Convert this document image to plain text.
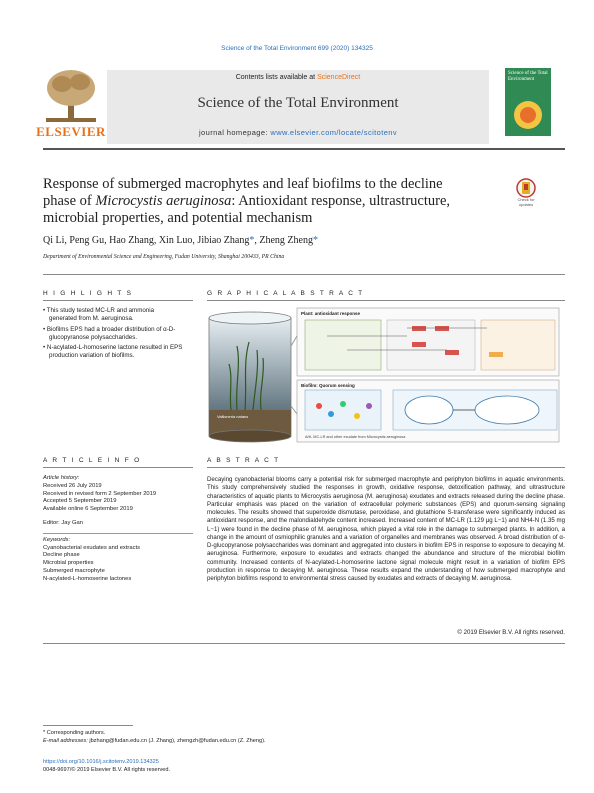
Science of the Total Environment 699 (2020) 134325
ELSEVIER
Contents lists available at ScienceDirect
Science of the Total Environment
journal homepage: www.elsevier.com/locate/scitotenv
Science of the Total Environment
Response of submerged macrophytes and leaf biofilms to the decline phase of Microcystis aeruginosa: Antioxidant response, ultrastructure, microbial properties, and potential mechanism
Check for updates
Qi Li, Peng Gu, Hao Zhang, Xin Luo, Jibiao Zhang*, Zheng Zheng*
Department of Environmental Science and Engineering, Fudan University, Shanghai 200433, PR China
H I G H L I G H T S

• This study tested MC-LR and ammonia generated from M. aeruginosa.

• Biofilms EPS had a broader distribution of α-D-glucopyranose polysaccharides.

• N-acylated-L-homoserine lactone resulted in EPS production variation of biofilms.

G R A P H I C A L A B S T R A C T
Vallisneria natans
Plant: antioxidant response
Biofilm: Quorum sensing
AHL MC-LR and other exudate from Microcystis aeruginosa
A R T I C L E I N F O

Article history:

Received 26 July 2019

Received in revised form 2 September 2019

Accepted 5 September 2019

Available online 6 September 2019

Editor: Jay Gan

Keywords:

Cyanobacterial exudates and extracts

Decline phase

Microbial properties

Submerged macrophyte

N-acylated-L-homoserine lactones

A B S T R A C T
Decaying cyanobacterial blooms carry a potential risk for submerged macrophyte and periphyton biofilms in aquatic environments. This study comprehensively studied the responses in growth, oxidative response, detoxification pathway, and ultrastructure characteristics of aquatic plants to Microcystis aeruginosa (M. aeruginosa) exudates and extracts released during the decline phase. Particular emphasis was placed on the variation of extracellular polymeric substances (EPS) and quorum-sensing signaling molecules. The results showed that superoxide dismutase, peroxidase, and glutathione S-transferase were significantly induced as antioxidant response, and the malondialdehyde content increased. Increased content of MC-LR (1.129 μg L−1) and NH4-N (1.35 mg L−1) were found in the decline phase of M. aeruginosa, which played a vital role in the damage to submerged plants. In addition, a change in the amount of osmiophilic granules and a variation of organelles and membranes was observed. A broad distribution of α-D-glucopyranose polysaccharides was dominant and aggregated into clusters in biofilm EPS in response to exposure to decaying M. aeruginosa. Furthermore, exposure to exudates and extracts changed the abundance and structure of the microbial biofilm community. Increased contents of N-acylated-L-homoserine lactone signal molecule might result in a variation of biofilm EPS production in response to decaying M. aeruginosa. These results expand the understanding of how submerged macrophyte and periphyton biofilms respond to environmental stress caused by exudates and extracts of decaying M. aeruginosa.
© 2019 Elsevier B.V. All rights reserved.
* Corresponding authors.
E-mail addresses: jbzhang@fudan.edu.cn (J. Zhang), zhengzh@fudan.edu.cn (Z. Zheng).
https://doi.org/10.1016/j.scitotenv.2019.134325
0048-9697/© 2019 Elsevier B.V. All rights reserved.
